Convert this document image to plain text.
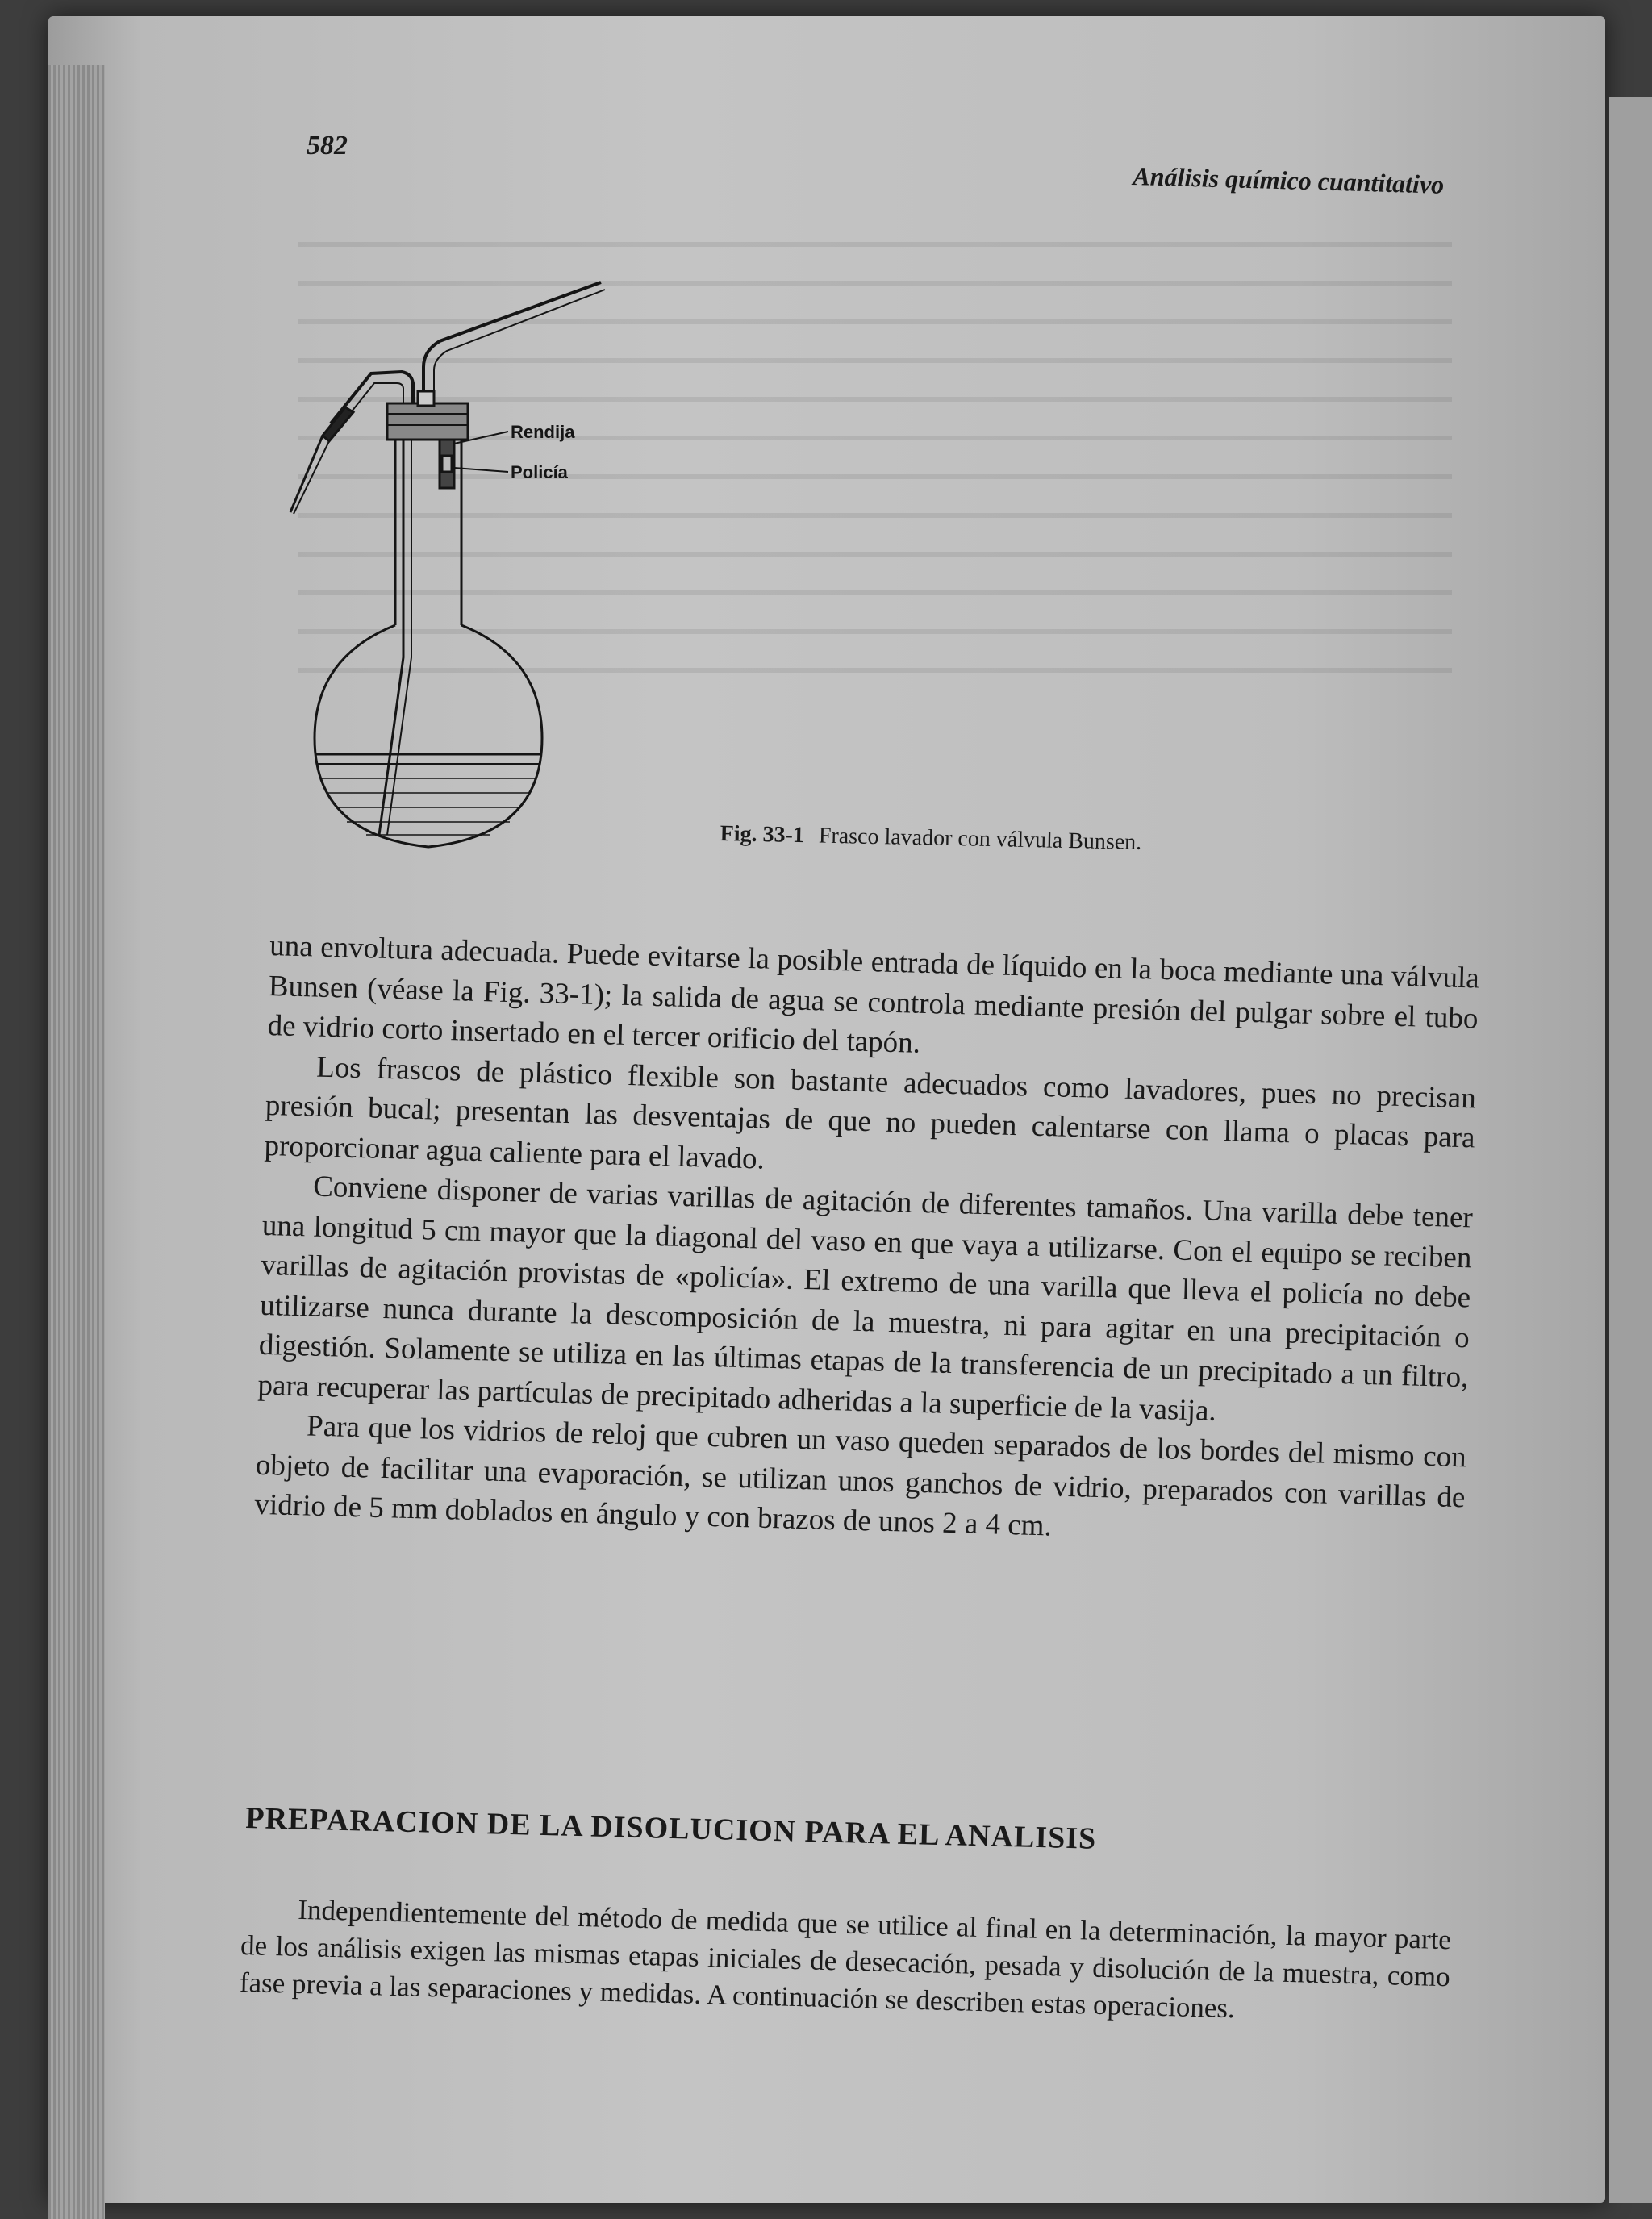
582
Análisis químico cuantitativo
Rendija
Policía
Fig. 33-1 Frasco lavador con válvula Bunsen.

una envoltura adecuada. Puede evitarse la posible entrada de líquido en la boca mediante una válvula Bunsen (véase la Fig. 33-1); la salida de agua se controla mediante presión del pulgar sobre el tubo de vidrio corto insertado en el tercer orificio del tapón.

Los frascos de plástico flexible son bastante adecuados como lavadores, pues no precisan presión bucal; presentan las desventajas de que no pueden calentarse con llama o placas para proporcionar agua caliente para el lavado.

Conviene disponer de varias varillas de agitación de diferentes tamaños. Una varilla debe tener una longitud 5 cm mayor que la diagonal del vaso en que vaya a utilizarse. Con el equipo se reciben varillas de agitación provistas de «policía». El extremo de una varilla que lleva el policía no debe utilizarse nunca durante la descomposición de la muestra, ni para agitar en una precipitación o digestión. Solamente se utiliza en las últimas etapas de la transferencia de un precipitado a un filtro, para recuperar las partículas de precipitado adheridas a la superficie de la vasija.

Para que los vidrios de reloj que cubren un vaso queden separados de los bordes del mismo con objeto de facilitar una evaporación, se utilizan unos ganchos de vidrio, preparados con varillas de vidrio de 5 mm doblados en ángulo y con brazos de unos 2 a 4 cm.

PREPARACION DE LA DISOLUCION PARA EL ANALISIS

Independientemente del método de medida que se utilice al final en la determinación, la mayor parte de los análisis exigen las mismas etapas iniciales de desecación, pesada y disolución de la muestra, como fase previa a las separaciones y medidas. A continuación se describen estas operaciones.
